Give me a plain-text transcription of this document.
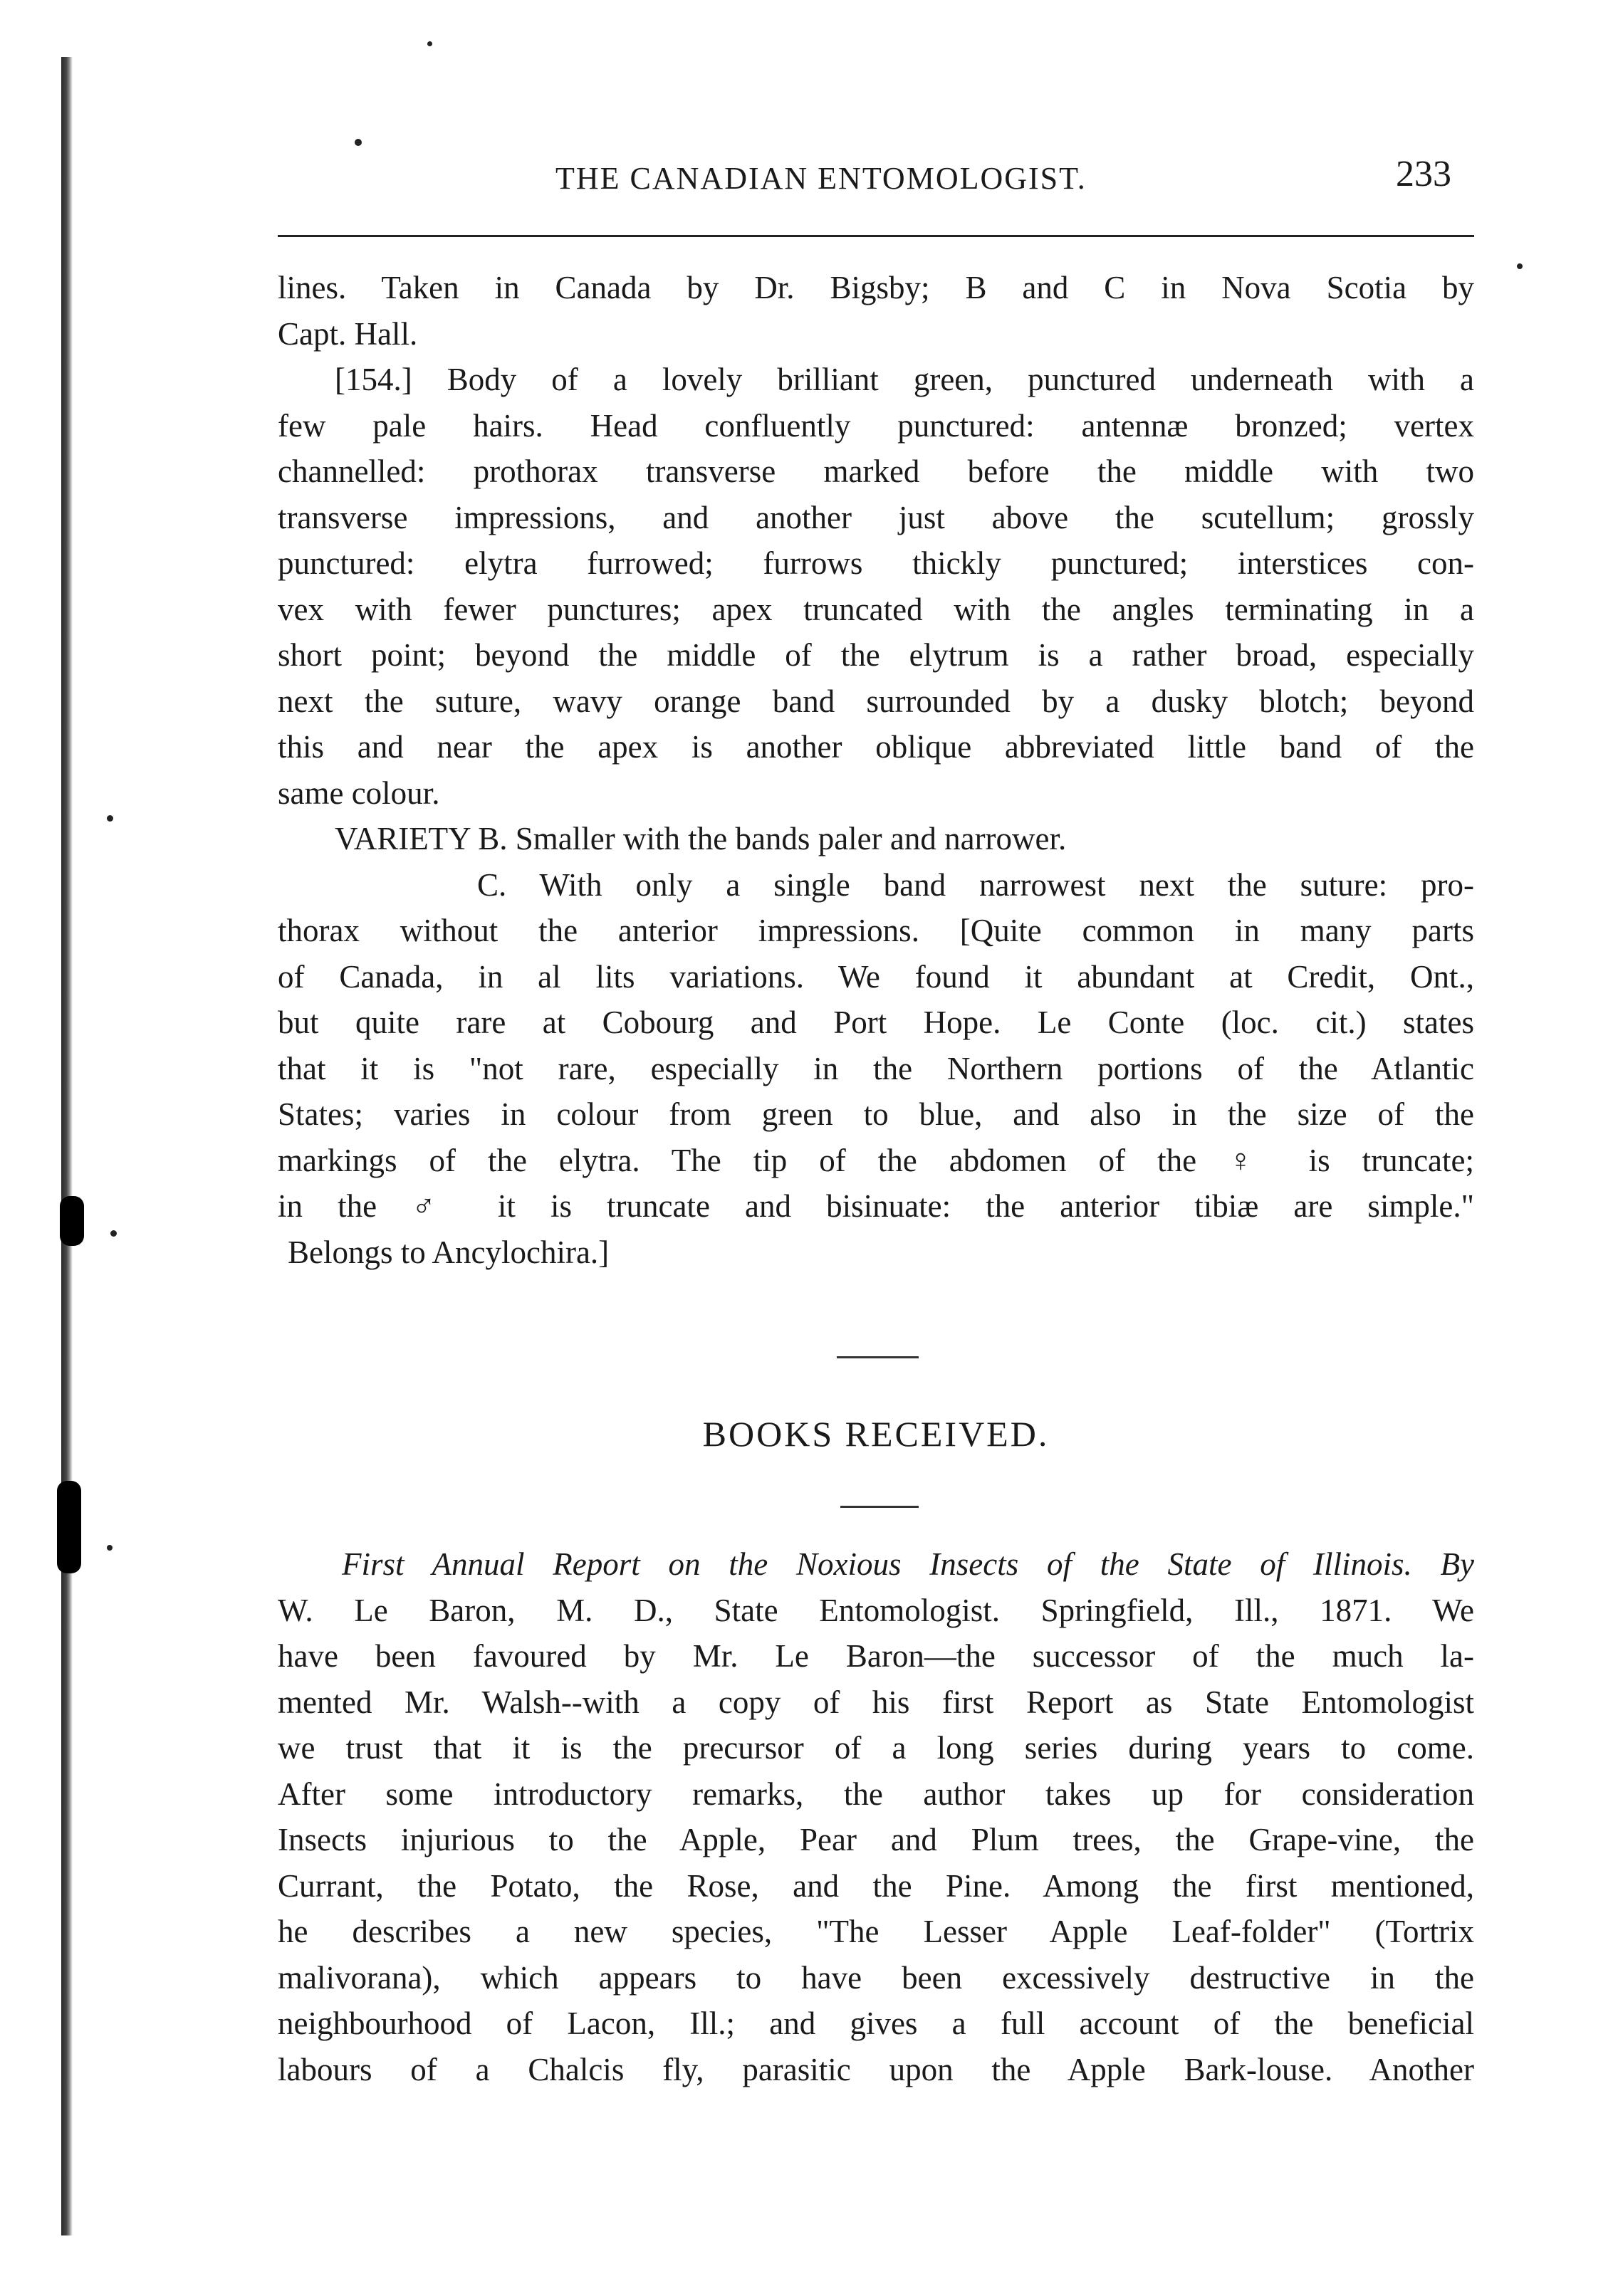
THE CANADIAN ENTOMOLOGIST.	233
lines. Taken in Canada by Dr. Bigsby; B and C in Nova Scotia by
Capt. Hall.
[154.] Body of a lovely brilliant green, punctured underneath with a
few pale hairs. Head confluently punctured: antennæ bronzed; vertex
channelled: prothorax transverse marked before the middle with two
transverse impressions, and another just above the scutellum; grossly
punctured: elytra furrowed; furrows thickly punctured; interstices con-
vex with fewer punctures; apex truncated with the angles terminating in a
short point; beyond the middle of the elytrum is a rather broad, especially
next the suture, wavy orange band surrounded by a dusky blotch; beyond
this and near the apex is another oblique abbreviated little band of the
same colour.
VARIETY B. Smaller with the bands paler and narrower.
C. With only a single band narrowest next the suture: pro-
thorax without the anterior impressions. [Quite common in many parts
of Canada, in al lits variations. We found it abundant at Credit, Ont.,
but quite rare at Cobourg and Port Hope. Le Conte (loc. cit.) states
that it is "not rare, especially in the Northern portions of the Atlantic
States; varies in colour from green to blue, and also in the size of the
markings of the elytra. The tip of the abdomen of the ♀ is truncate;
in the ♂ it is truncate and bisinuate: the anterior tibiæ are simple."
Belongs to Ancylochira.]
BOOKS RECEIVED.
First Annual Report on the Noxious Insects of the State of Illinois. By
W. Le Baron, M. D., State Entomologist. Springfield, Ill., 1871. We
have been favoured by Mr. Le Baron—the successor of the much la-
mented Mr. Walsh--with a copy of his first Report as State Entomologist
we trust that it is the precursor of a long series during years to come.
After some introductory remarks, the author takes up for consideration
Insects injurious to the Apple, Pear and Plum trees, the Grape-vine, the
Currant, the Potato, the Rose, and the Pine. Among the first mentioned,
he describes a new species, "The Lesser Apple Leaf-folder" (Tortrix
malivorana), which appears to have been excessively destructive in the
neighbourhood of Lacon, Ill.; and gives a full account of the beneficial
labours of a Chalcis fly, parasitic upon the Apple Bark-louse. Another
